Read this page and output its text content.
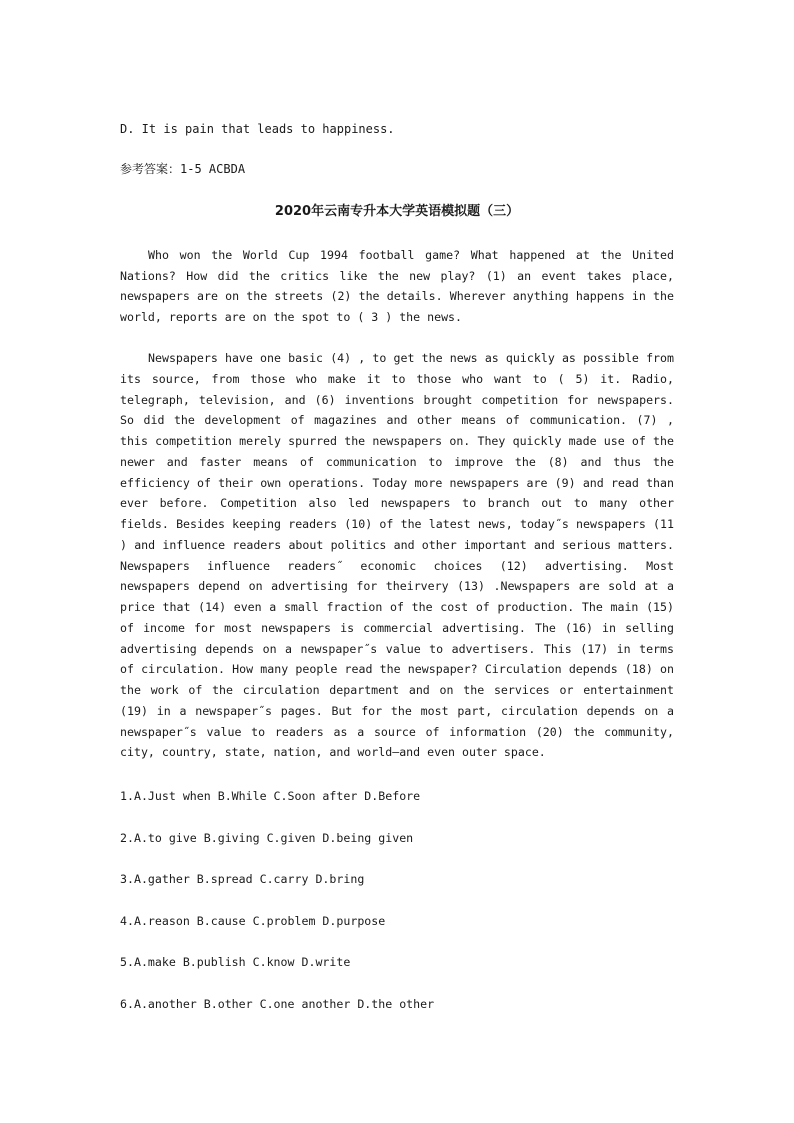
D. It is pain that leads to happiness.
参考答案：1-5 ACBDA
2020年云南专升本大学英语模拟题（三）

Who won the World Cup 1994 football game? What happened at the United Nations? How did the critics like the new play? (1) an event takes place, newspapers are on the streets (2) the details. Wherever anything happens in the world, reports are on the spot to ( 3 ) the news.

Newspapers have one basic (4) , to get the news as quickly as possible from its source, from those who make it to those who want to ( 5) it. Radio, telegraph, television, and (6) inventions brought competition for newspapers. So did the development of magazines and other means of communication. (7) , this competition merely spurred the newspapers on. They quickly made use of the newer and faster means of communication to improve the (8) and thus the efficiency of their own operations. Today more newspapers are (9) and read than ever before. Competition also led newspapers to branch out to many other fields. Besides keeping readers (10) of the latest news, today˝s newspapers (11 ) and influence readers about politics and other important and serious matters. Newspapers influence readers˝ economic choices (12) advertising. Most newspapers depend on advertising for theirvery (13) .Newspapers are sold at a price that (14) even a small fraction of the cost of production. The main (15) of income for most newspapers is commercial advertising. The (16) in selling advertising depends on a newspaper˝s value to advertisers. This (17) in terms of circulation. How many people read the newspaper? Circulation depends (18) on the work of the circulation department and on the services or entertainment (19) in a newspaper˝s pages. But for the most part, circulation depends on a newspaper˝s value to readers as a source of information (20) the community, city, country, state, nation, and world—and even outer space.

1.A.Just when B.While C.Soon after D.Before
2.A.to give B.giving C.given D.being given
3.A.gather B.spread C.carry D.bring
4.A.reason B.cause C.problem D.purpose
5.A.make B.publish C.know D.write
6.A.another B.other C.one another D.the other
